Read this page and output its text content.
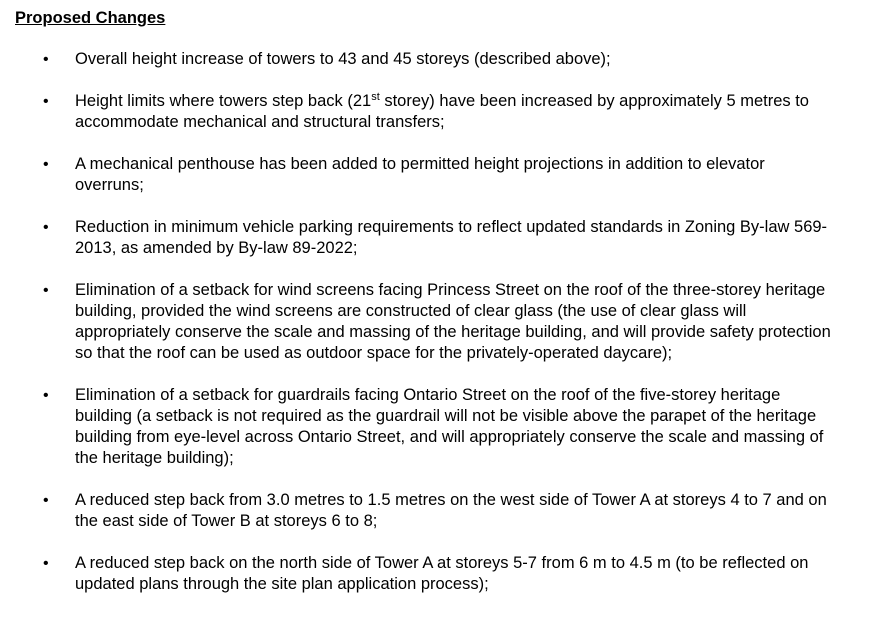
Proposed Changes

• Overall height increase of towers to 43 and 45 storeys (described above);
• Height limits where towers step back (21st storey) have been increased by approximately 5 metres to accommodate mechanical and structural transfers;
• A mechanical penthouse has been added to permitted height projections in addition to elevator overruns;
• Reduction in minimum vehicle parking requirements to reflect updated standards in Zoning By-law 569-2013, as amended by By-law 89-2022;
• Elimination of a setback for wind screens facing Princess Street on the roof of the three-storey heritage building, provided the wind screens are constructed of clear glass (the use of clear glass will appropriately conserve the scale and massing of the heritage building, and will provide safety protection so that the roof can be used as outdoor space for the privately-operated daycare);
• Elimination of a setback for guardrails facing Ontario Street on the roof of the five-storey heritage building (a setback is not required as the guardrail will not be visible above the parapet of the heritage building from eye-level across Ontario Street, and will appropriately conserve the scale and massing of the heritage building);
• A reduced step back from 3.0 metres to 1.5 metres on the west side of Tower A at storeys 4 to 7 and on the east side of Tower B at storeys 6 to 8;
• A reduced step back on the north side of Tower A at storeys 5-7 from 6 m to 4.5 m (to be reflected on updated plans through the site plan application process);
